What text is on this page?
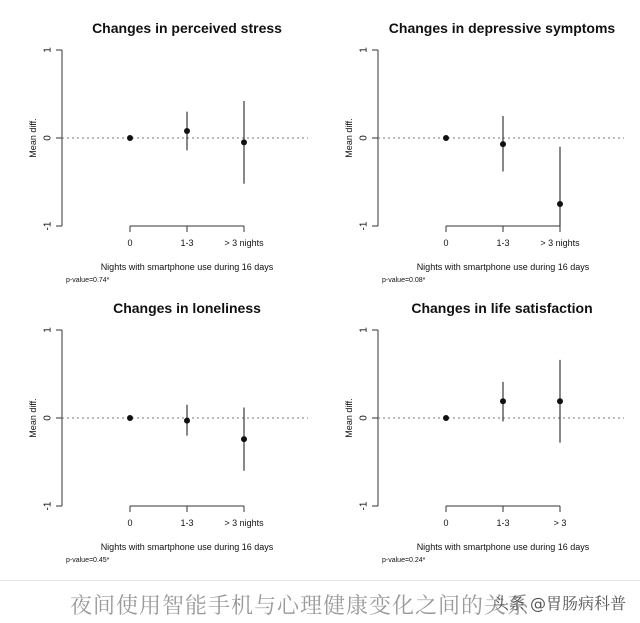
Changes in perceived stress
1
0
-1
Mean diff.
0	1-3	> 3 nights
Nights with smartphone use during 16 days
p-value=0.74*
Changes in depressive symptoms
1
0
-1
Mean diff.
0	1-3	> 3 nights
Nights with smartphone use during 16 days
p-value=0.08*
Changes in loneliness
1
0
-1
Mean diff.
0	1-3	> 3 nights
Nights with smartphone use during 16 days
p-value=0.45*
Changes in life satisfaction
1
0
-1
Mean diff.
0	1-3	> 3
Nights with smartphone use during 16 days
p-value=0.24*
夜间使用智能手机与心理健康变化之间的关系
头条 @胃肠病科普
